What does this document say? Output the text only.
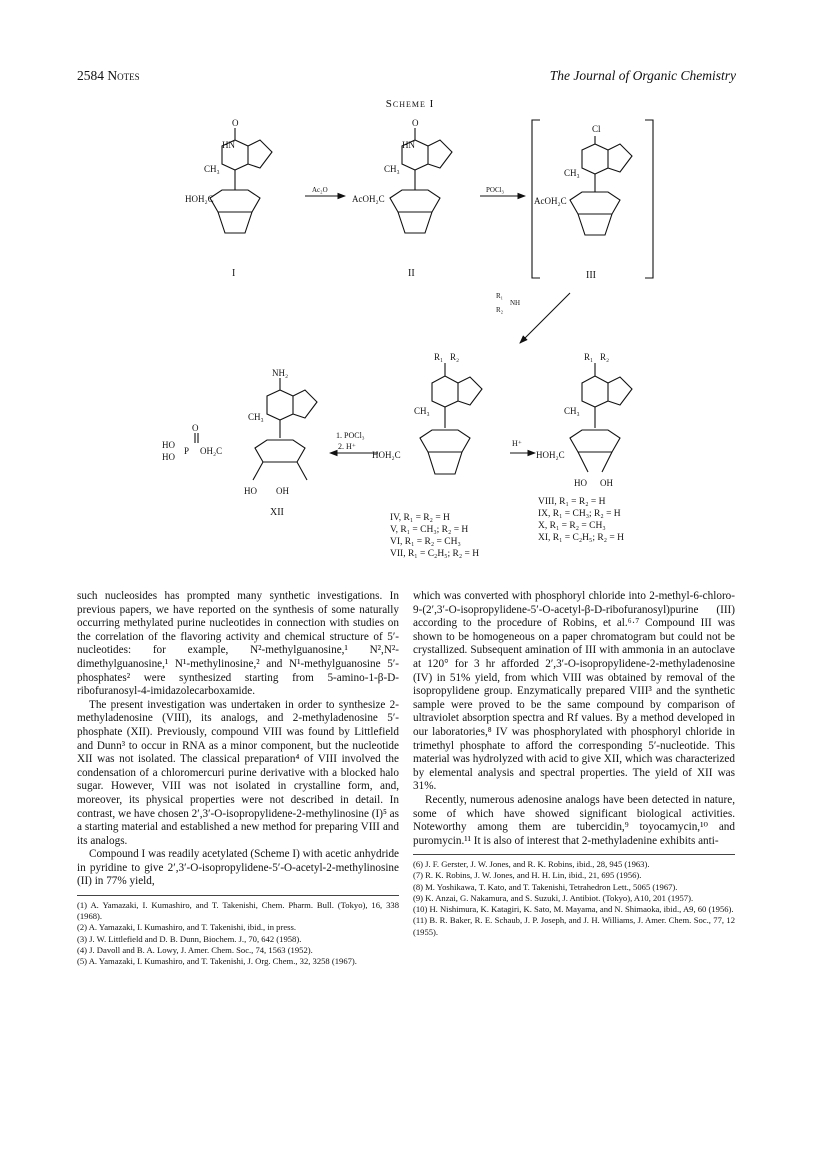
2584 Notes	The Journal of Organic Chemistry
Scheme I
HN
O
CH₃
HOH₂C
I
Ac₂O
HN
O
CH₃
AcOH₂C
II
POCl₃
Cl
CH₃
AcOH₂C
III
R₁
R₂
NH
R₁ R₂
CH₃
HOH₂C
R₁ R₂
CH₃
HOH₂C
HO OH
NH₂
CH₃
O
HO
HO
P OH₂C
HO OH
XII
1. POCl₃
2. H⁺	H⁺
IV, R₁ = R₂ = H
V, R₁ = CH₃; R₂ = H
VI, R₁ = R₂ = CH₃
VII, R₁ = C₂H₅; R₂ = H
VIII, R₁ = R₂ = H
IX, R₁ = CH₃; R₂ = H
X, R₁ = R₂ = CH₃
XI, R₁ = C₂H₅; R₂ = H

such nucleosides has prompted many synthetic investigations. In previous papers, we have reported on the synthesis of some naturally occurring methylated purine nucleotides in connection with studies on the correlation of the flavoring activity and chemical structure of 5′-nucleotides: for example, N²-methylguanosine,¹ N²,N²-dimethylguanosine,¹ N¹-methylinosine,² and N¹-methylguanosine 5′-phosphates² were synthesized starting from 5-amino-1-β-D-ribofuranosyl-4-imidazolecarboxamide.

The present investigation was undertaken in order to synthesize 2-methyladenosine (VIII), its analogs, and 2-methyladenosine 5′-phosphate (XII). Previously, compound VIII was found by Littlefield and Dunn³ to occur in RNA as a minor component, but the nucleotide XII was not isolated. The classical preparation⁴ of VIII involved the condensation of a chloromercuri purine derivative with a blocked halo sugar. However, VIII was not isolated in crystalline form, and, moreover, its physical properties were not described in detail. In contrast, we have chosen 2′,3′-O-isopropylidene-2-methylinosine (I)⁵ as a starting material and established a new method for preparing VIII and its analogs.

Compound I was readily acetylated (Scheme I) with acetic anhydride in pyridine to give 2′,3′-O-isopropylidene-5′-O-acetyl-2-methylinosine (II) in 77% yield,

(1) A. Yamazaki, I. Kumashiro, and T. Takenishi, Chem. Pharm. Bull. (Tokyo), 16, 338 (1968).

(2) A. Yamazaki, I. Kumashiro, and T. Takenishi, ibid., in press.

(3) J. W. Littlefield and D. B. Dunn, Biochem. J., 70, 642 (1958).

(4) J. Davoll and B. A. Lowy, J. Amer. Chem. Soc., 74, 1563 (1952).

(5) A. Yamazaki, I. Kumashiro, and T. Takenishi, J. Org. Chem., 32, 3258 (1967).

which was converted with phosphoryl chloride into 2-methyl-6-chloro-9-(2′,3′-O-isopropylidene-5′-O-acetyl-β-D-ribofuranosyl)purine (III) according to the procedure of Robins, et al.⁶·⁷ Compound III was shown to be homogeneous on a paper chromatogram but could not be crystallized. Subsequent amination of III with ammonia in an autoclave at 120° for 3 hr afforded 2′,3′-O-isopropylidene-2-methyladenosine (IV) in 51% yield, from which VIII was obtained by removal of the isopropylidene group. Enzymatically prepared VIII³ and the synthetic sample were proved to be the same compound by comparison of ultraviolet absorption spectra and Rf values. By a method developed in our laboratories,⁸ IV was phosphorylated with phosphoryl chloride in trimethyl phosphate to afford the corresponding 5′-nucleotide. This material was hydrolyzed with acid to give XII, which was characterized by elemental analysis and spectral properties. The yield of XII was 31%.

Recently, numerous adenosine analogs have been detected in nature, some of which have showed significant biological activities. Noteworthy among them are tubercidin,⁹ toyocamycin,¹⁰ and puromycin.¹¹ It is also of interest that 2-methyladenine exhibits anti-

(6) J. F. Gerster, J. W. Jones, and R. K. Robins, ibid., 28, 945 (1963).

(7) R. K. Robins, J. W. Jones, and H. H. Lin, ibid., 21, 695 (1956).

(8) M. Yoshikawa, T. Kato, and T. Takenishi, Tetrahedron Lett., 5065 (1967).

(9) K. Anzai, G. Nakamura, and S. Suzuki, J. Antibiot. (Tokyo), A10, 201 (1957).

(10) H. Nishimura, K. Katagiri, K. Sato, M. Mayama, and N. Shimaoka, ibid., A9, 60 (1956).

(11) B. R. Baker, R. E. Schaub, J. P. Joseph, and J. H. Williams, J. Amer. Chem. Soc., 77, 12 (1955).
